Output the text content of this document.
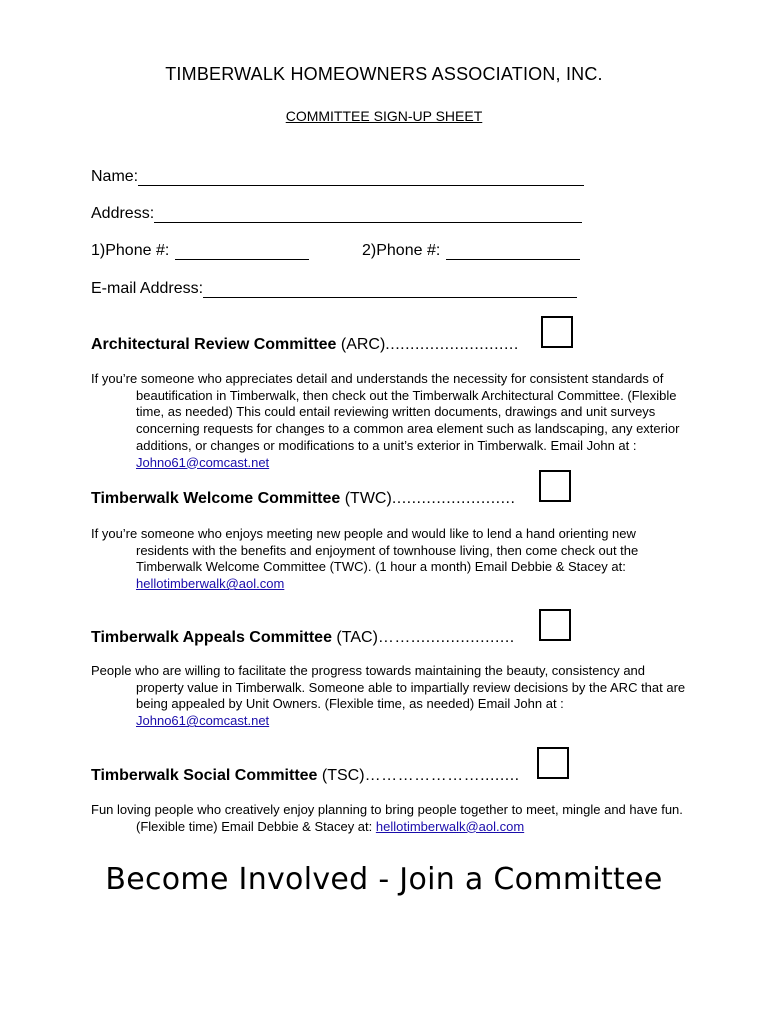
TIMBERWALK HOMEOWNERS ASSOCIATION, INC.
COMMITTEE SIGN-UP SHEET
Name:
Address:
1)Phone #:	2)Phone #:
E-mail Address:
Architectural Review Committee
(ARC) ...........................

If you’re someone who appreciates detail and understands the necessity for consistent standards of beautification in Timberwalk, then check out the Timberwalk Architectural Committee. (Flexible time, as needed) This could entail reviewing written documents, drawings and unit surveys concerning requests for changes to a common area element such as landscaping, any exterior additions, or changes or modifications to a unit’s exterior in Timberwalk. Email John at : Johno61@comcast.net

Timberwalk Welcome Committee
(TWC) .........................

If you’re someone who enjoys meeting new people and would like to lend a hand orienting new residents with the benefits and enjoyment of townhouse living, then come check out the Timberwalk Welcome Committee (TWC). (1 hour a month) Email Debbie & Stacey at: hellotimberwalk@aol.com

Timberwalk Appeals Committee
(TAC) …….....................

People who are willing to facilitate the progress towards maintaining the beauty, consistency and property value in Timberwalk. Someone able to impartially review decisions by the ARC that are being appealed by Unit Owners. (Flexible time, as needed) Email John at : Johno61@comcast.net

Timberwalk Social Committee
(TSC) …………………........

Fun loving people who creatively enjoy planning to bring people together to meet, mingle and have fun. (Flexible time) Email Debbie & Stacey at: hellotimberwalk@aol.com

Become Involved - Join a Committee
